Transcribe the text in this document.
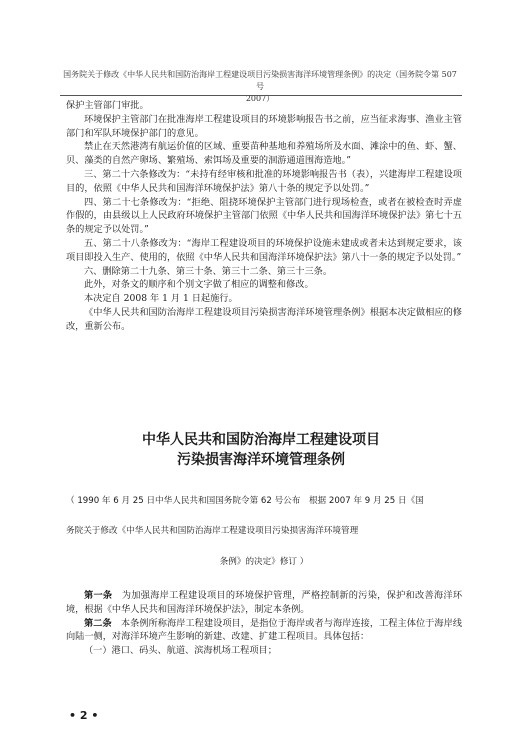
国务院关于修改《中华人民共和国防治海岸工程建设项目污染损害海洋环境管理条例》的决定（国务院令第 507 号
2007）

保护主管部门审批。

环境保护主管部门在批准海岸工程建设项目的环境影响报告书之前，应当征求海事、渔业主管部门和军队环境保护部门的意见。

禁止在天然港湾有航运价值的区域、重要苗种基地和养殖场所及水面、滩涂中的鱼、虾、蟹、贝、藻类的自然产卵场、繁殖场、索饵场及重要的洄游通道围海造地。”

三、第二十六条修改为：“未持有经审核和批准的环境影响报告书（表），兴建海岸工程建设项目的，依照《中华人民共和国海洋环境保护法》第八十条的规定予以处罚。”

四、第二十七条修改为：“拒绝、阻挠环境保护主管部门进行现场检查，或者在被检查时弄虚作假的，由县级以上人民政府环境保护主管部门依照《中华人民共和国海洋环境保护法》第七十五条的规定予以处罚。”

五、第二十八条修改为：“海岸工程建设项目的环境保护设施未建成或者未达到规定要求，该项目即投入生产、使用的，依照《中华人民共和国海洋环境保护法》第八十一条的规定予以处罚。”

六、删除第二十九条、第三十条、第三十二条、第三十三条。

此外，对条文的顺序和个别文字做了相应的调整和修改。

本决定自 2008 年 1 月 1 日起施行。

《中华人民共和国防治海岸工程建设项目污染损害海洋环境管理条例》根据本决定做相应的修改，重新公布。

中华人民共和国防治海岸工程建设项目
污染损害海洋环境管理条例

（ 1990 年 6 月 25 日中华人民共和国国务院令第 62 号公布　根据 2007 年 9 月 25 日《国

务院关于修改《中华人民共和国防治海岸工程建设项目污染损害海洋环境管理

条例》的决定》修订 ）

第一条　为加强海岸工程建设项目的环境保护管理，严格控制新的污染，保护和改善海洋环境，根据《中华人民共和国海洋环境保护法》，制定本条例。

第二条　本条例所称海岸工程建设项目，是指位于海岸或者与海岸连接，工程主体位于海岸线向陆一侧，对海洋环境产生影响的新建、改建、扩建工程项目。具体包括：

（一）港口、码头、航道、滨海机场工程项目；

• 2 •
